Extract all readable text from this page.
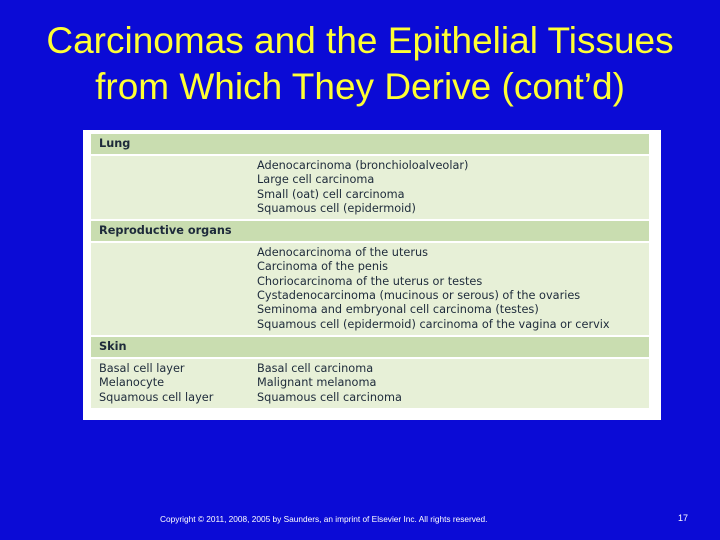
Carcinomas and the Epithelial Tissues
from Which They Derive (cont’d)
Lung
Adenocarcinoma (bronchioloalveolar)
Large cell carcinoma
Small (oat) cell carcinoma
Squamous cell (epidermoid)
Reproductive organs
Adenocarcinoma of the uterus
Carcinoma of the penis
Choriocarcinoma of the uterus or testes
Cystadenocarcinoma (mucinous or serous) of the ovaries
Seminoma and embryonal cell carcinoma (testes)
Squamous cell (epidermoid) carcinoma of the vagina or cervix
Skin
Basal cell layer
Melanocyte
Squamous cell layer
Basal cell carcinoma
Malignant melanoma
Squamous cell carcinoma
Copyright © 2011, 2008, 2005 by Saunders, an imprint of Elsevier Inc. All rights reserved.	17
